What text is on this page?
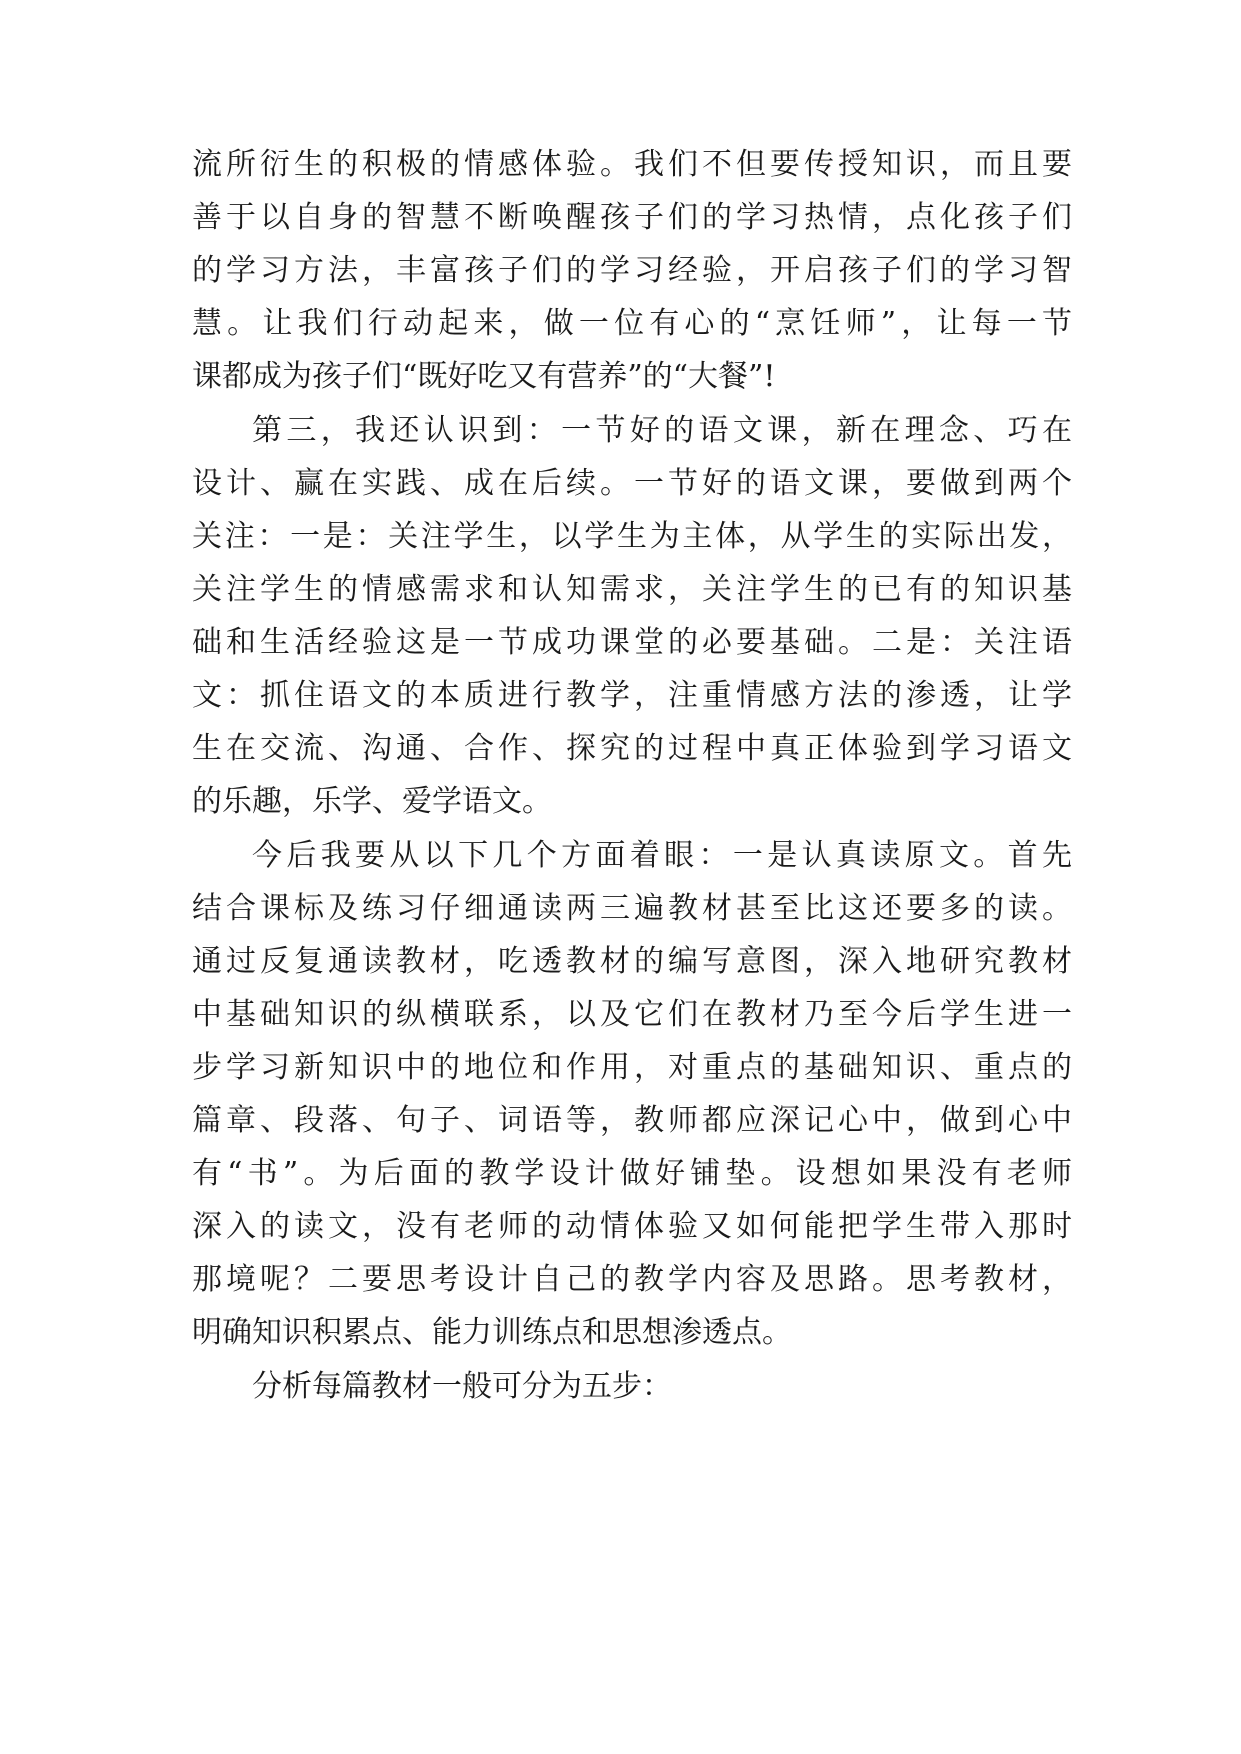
流所衍生的积极的情感体验。我们不但要传授知识，而且要
善于以自身的智慧不断唤醒孩子们的学习热情，点化孩子们
的学习方法，丰富孩子们的学习经验，开启孩子们的学习智
慧。让我们行动起来，做一位有心的“烹饪师”，让每一节
课都成为孩子们“既好吃又有营养”的“大餐”!
第三，我还认识到：一节好的语文课，新在理念、巧在
设计、赢在实践、成在后续。一节好的语文课，要做到两个
关注：一是：关注学生，以学生为主体，从学生的实际出发，
关注学生的情感需求和认知需求，关注学生的已有的知识基
础和生活经验这是一节成功课堂的必要基础。二是：关注语
文：抓住语文的本质进行教学，注重情感方法的渗透，让学
生在交流、沟通、合作、探究的过程中真正体验到学习语文
的乐趣，乐学、爱学语文。
今后我要从以下几个方面着眼：一是认真读原文。首先
结合课标及练习仔细通读两三遍教材甚至比这还要多的读。
通过反复通读教材，吃透教材的编写意图，深入地研究教材
中基础知识的纵横联系，以及它们在教材乃至今后学生进一
步学习新知识中的地位和作用，对重点的基础知识、重点的
篇章、段落、句子、词语等，教师都应深记心中，做到心中
有“书”。为后面的教学设计做好铺垫。设想如果没有老师
深入的读文，没有老师的动情体验又如何能把学生带入那时
那境呢？二要思考设计自己的教学内容及思路。思考教材，
明确知识积累点、能力训练点和思想渗透点。
分析每篇教材一般可分为五步：
